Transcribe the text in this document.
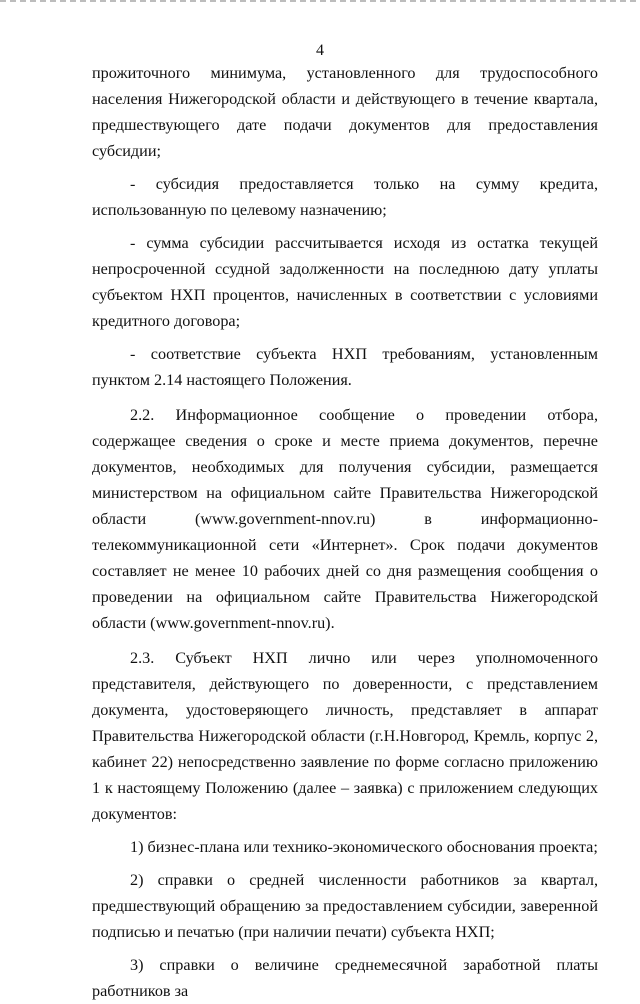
4

прожиточного минимума, установленного для трудоспособного населения Нижегородской области и действующего в течение квартала, предшествующего дате подачи документов для предоставления субсидии;

- субсидия предоставляется только на сумму кредита, использованную по целевому назначению;

- сумма субсидии рассчитывается исходя из остатка текущей непросроченной ссудной задолженности на последнюю дату уплаты субъектом НХП процентов, начисленных в соответствии с условиями кредитного договора;

- соответствие субъекта НХП требованиям, установленным пунктом 2.14 настоящего Положения.

2.2. Информационное сообщение о проведении отбора, содержащее сведения о сроке и месте приема документов, перечне документов, необходимых для получения субсидии, размещается министерством на официальном сайте Правительства Нижегородской области (www.government-nnov.ru) в информационно-телекоммуникационной сети «Интернет». Срок подачи документов составляет не менее 10 рабочих дней со дня размещения сообщения о проведении на официальном сайте Правительства Нижегородской области (www.government-nnov.ru).

2.3. Субъект НХП лично или через уполномоченного представителя, действующего по доверенности, с представлением документа, удостоверяющего личность, представляет в аппарат Правительства Нижегородской области (г.Н.Новгород, Кремль, корпус 2, кабинет 22) непосредственно заявление по форме согласно приложению 1 к настоящему Положению (далее – заявка) с приложением следующих документов:

1) бизнес-плана или технико-экономического обоснования проекта;

2) справки о средней численности работников за квартал, предшествующий обращению за предоставлением субсидии, заверенной подписью и печатью (при наличии печати) субъекта НХП;

3) справки о величине среднемесячной заработной платы работников за
